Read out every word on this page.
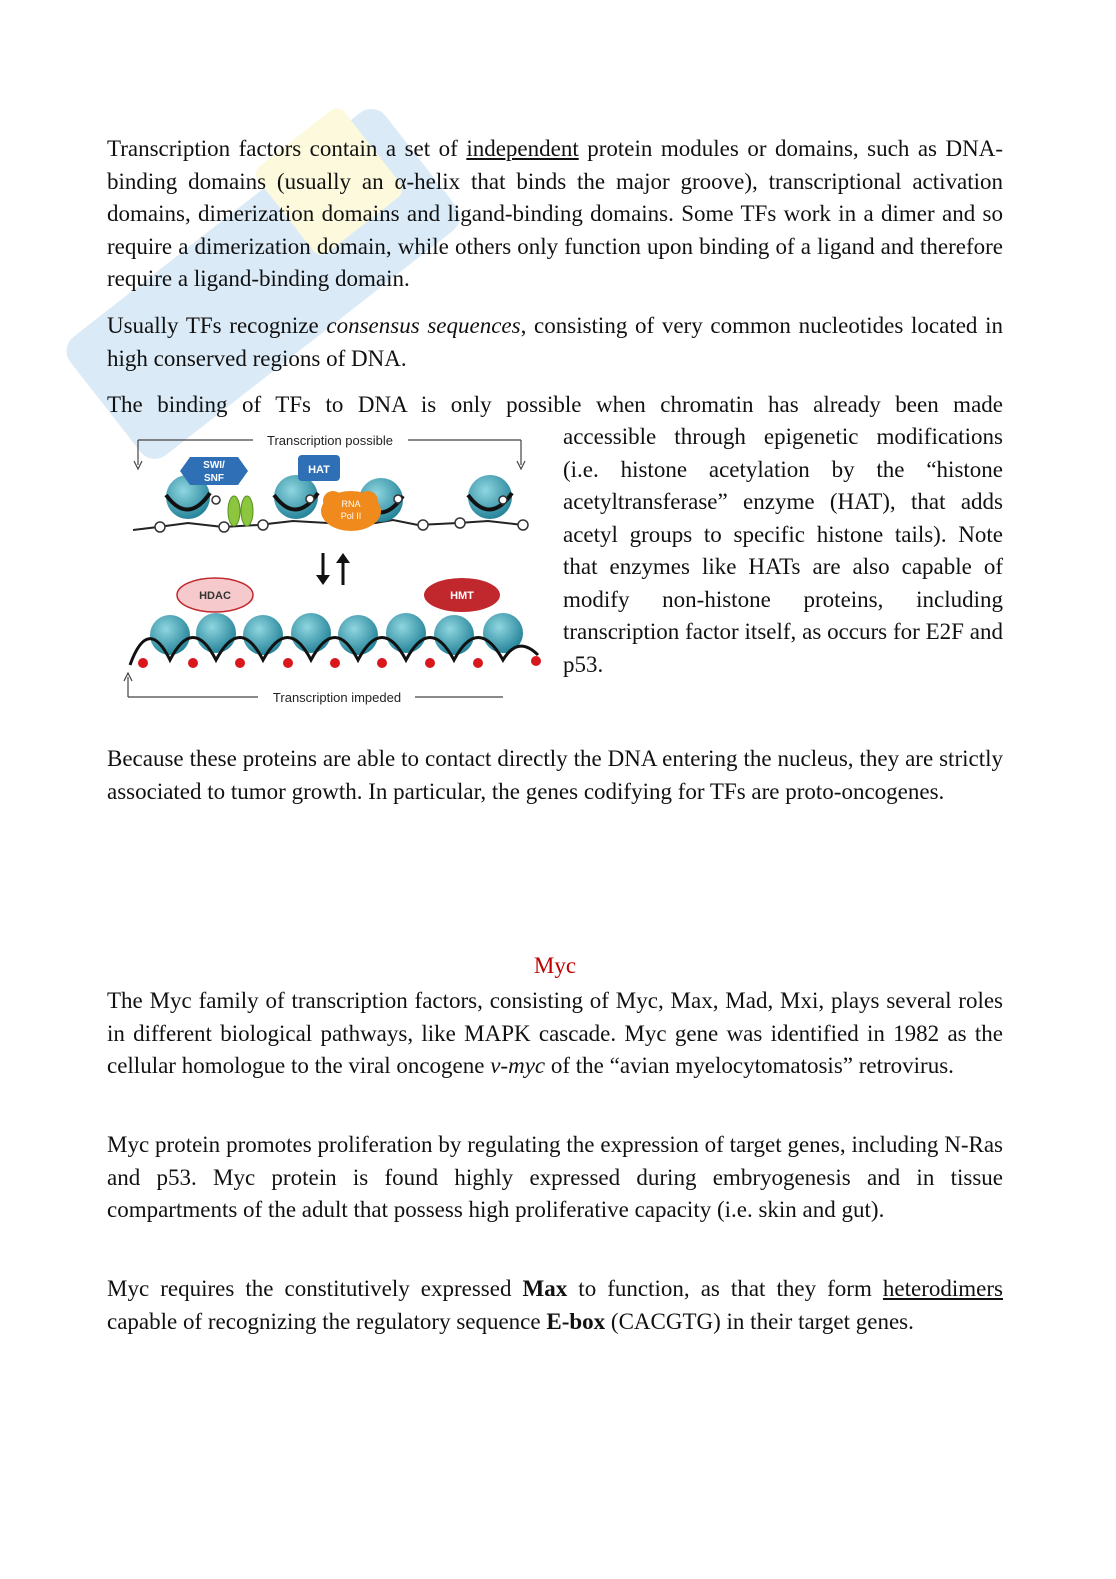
Transcription factors contain a set of independent protein modules or domains, such as DNA-binding domains (usually an α-helix that binds the major groove), transcriptional activation domains, dimerization domains and ligand-binding domains. Some TFs work in a dimer and so require a dimerization domain, while others only function upon binding of a ligand and therefore require a ligand-binding domain.

Usually TFs recognize consensus sequences, consisting of very common nucleotides located in high conserved regions of DNA.

The binding of TFs to DNA is only possible when chromatin has already been made

accessible through epigenetic modifications (i.e. histone acetylation by the “histone acetyltransferase” enzyme (HAT), that adds acetyl groups to specific histone tails). Note that enzymes like HATs are also capable of modify non-histone proteins, including transcription factor itself, as occurs for E2F and p53.

Transcription possible
SWI/
SNF
HAT
RNA
Pol II
HDAC	HMT
Transcription impeded

Because these proteins are able to contact directly the DNA entering the nucleus, they are strictly associated to tumor growth. In particular, the genes codifying for TFs are proto-oncogenes.

Myc

The Myc family of transcription factors, consisting of Myc, Max, Mad, Mxi, plays several roles in different biological pathways, like MAPK cascade. Myc gene was identified in 1982 as the cellular homologue to the viral oncogene v-myc of the “avian myelocytomatosis” retrovirus.

Myc protein promotes proliferation by regulating the expression of target genes, including N-Ras and p53. Myc protein is found highly expressed during embryogenesis and in tissue compartments of the adult that possess high proliferative capacity (i.e. skin and gut).

Myc requires the constitutively expressed Max to function, as that they form heterodimers capable of recognizing the regulatory sequence E-box (CACGTG) in their target genes.
